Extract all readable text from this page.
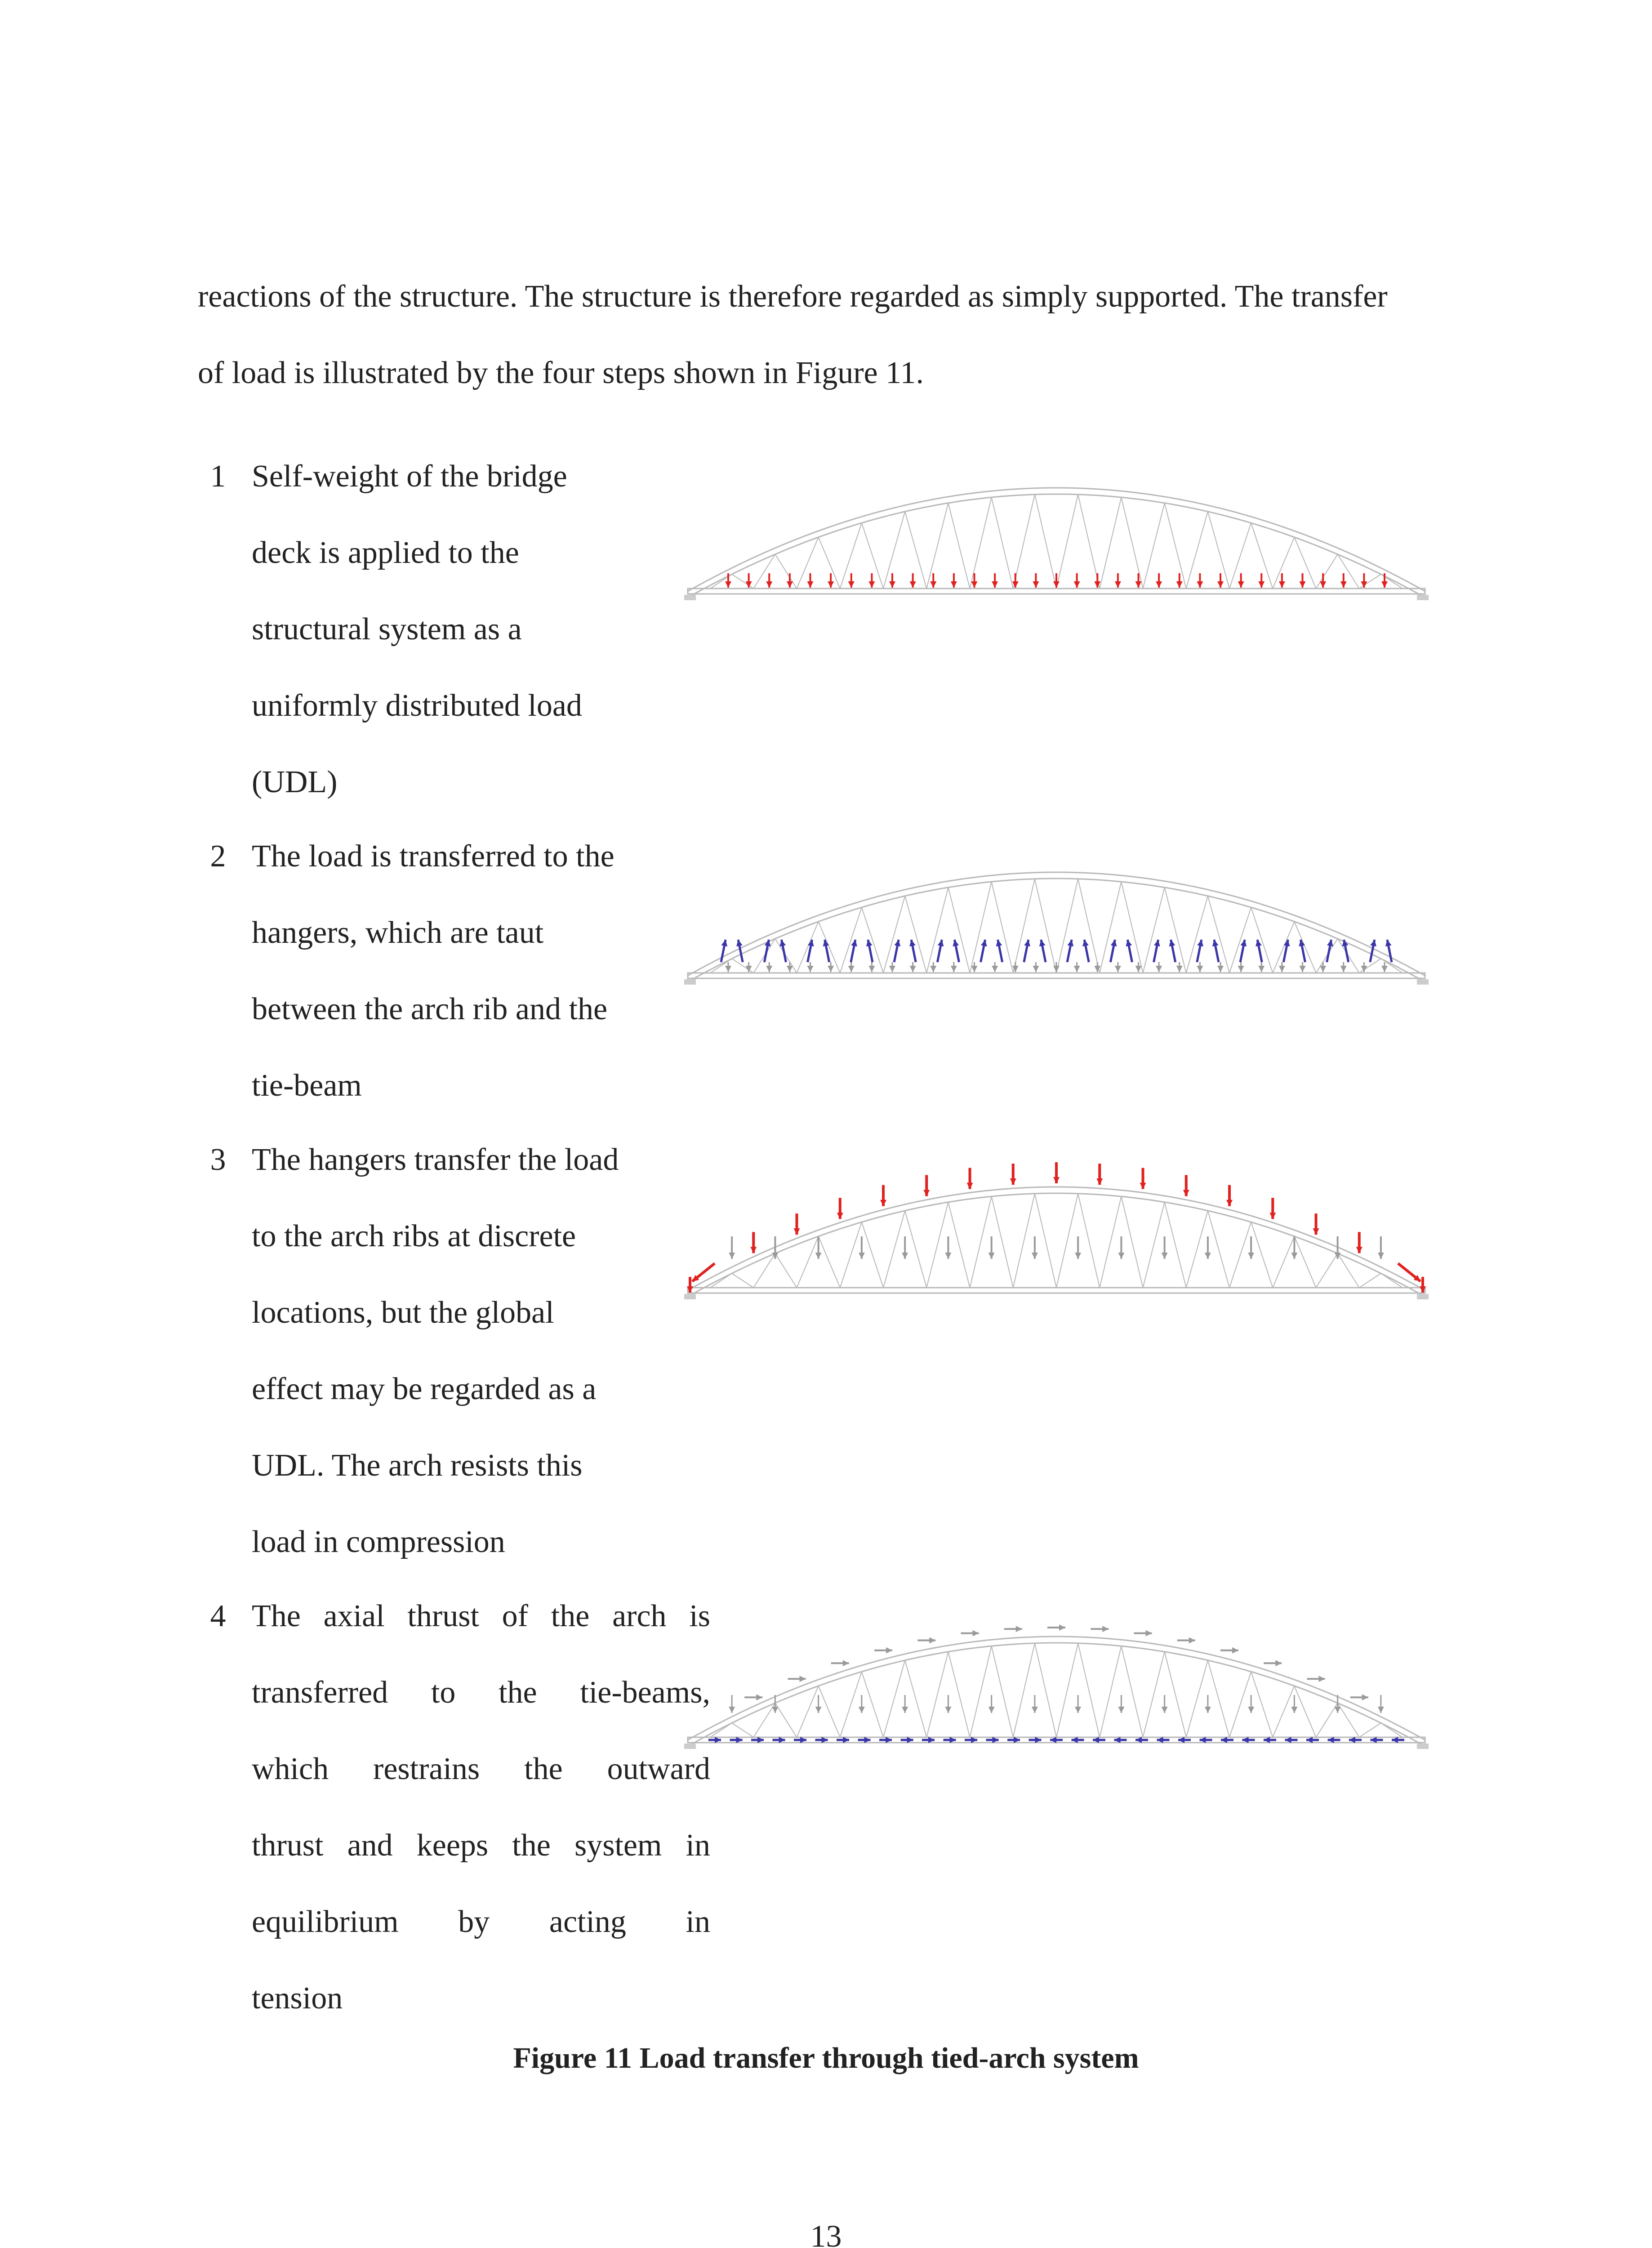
reactions of the structure. The structure is therefore regarded as simply supported. The transfer
of load is illustrated by the four steps shown in Figure 11.

1 Self-weight of the bridge
deck is applied to the
structural system as a
uniformly distributed load
(UDL)
2 The load is transferred to the
hangers, which are taut
between the arch rib and the
tie-beam
3 The hangers transfer the load
to the arch ribs at discrete
locations, but the global
effect may be regarded as a
UDL. The arch resists this
load in compression
4 The axial thrust of the arch is
transferred to the tie-beams,
which restrains the outward
thrust and keeps the system in
equilibrium by acting in
tension
Figure 11 Load transfer through tied-arch system
13
